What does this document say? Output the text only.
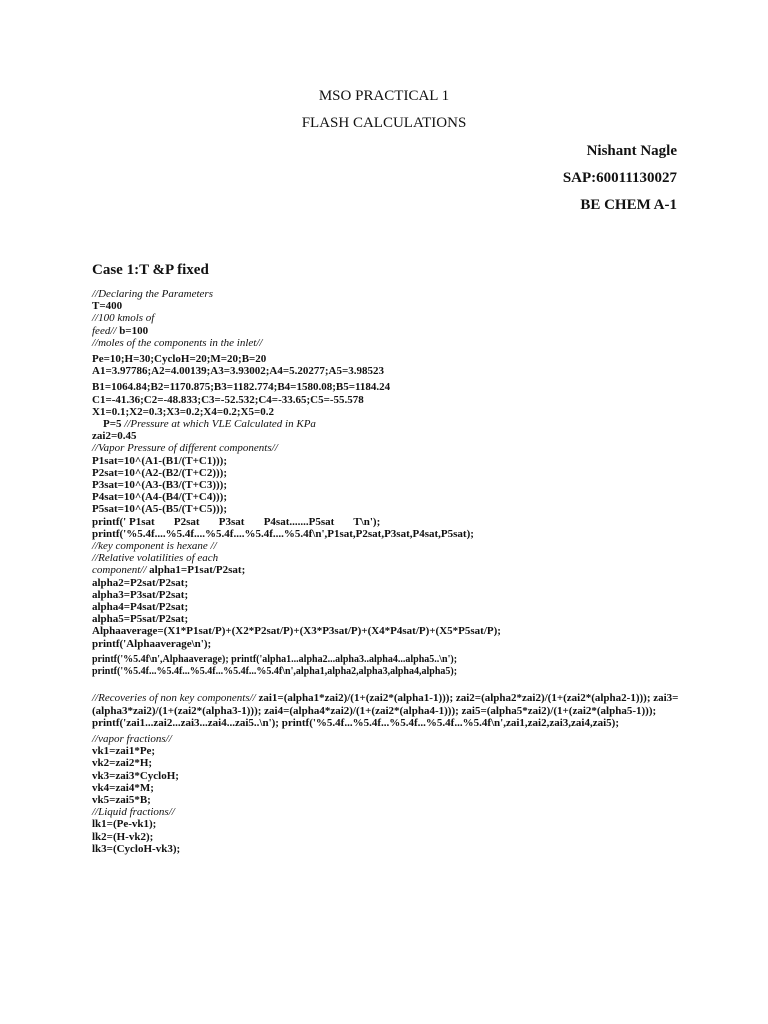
MSO PRACTICAL 1
FLASH CALCULATIONS
Nishant Nagle
SAP:60011130027
BE CHEM A-1
Case 1:T &P fixed
//Declaring the Parameters
T=400
//100 kmols of
feed// b=100
//moles of the components in the inlet//
Pe=10;H=30;CycloH=20;M=20;B=20
A1=3.97786;A2=4.00139;A3=3.93002;A4=5.20277;A5=3.98523
B1=1064.84;B2=1170.875;B3=1182.774;B4=1580.08;B5=1184.24
C1=-41.36;C2=-48.833;C3=-52.532;C4=-33.65;C5=-55.578
X1=0.1;X2=0.3;X3=0.2;X4=0.2;X5=0.2
P=5 //Pressure at which VLE Calculated in KPa
zai2=0.45
//Vapor Pressure of different components//
P1sat=10^(A1-(B1/(T+C1)));
P2sat=10^(A2-(B2/(T+C2)));
P3sat=10^(A3-(B3/(T+C3)));
P4sat=10^(A4-(B4/(T+C4)));
P5sat=10^(A5-(B5/(T+C5)));
printf(' P1sat       P2sat       P3sat       P4sat.......P5sat       T\n');
printf('%5.4f....%5.4f....%5.4f....%5.4f....%5.4f\n',P1sat,P2sat,P3sat,P4sat,P5sat);
//key component is hexane //
//Relative volatilities of each
component// alpha1=P1sat/P2sat;
alpha2=P2sat/P2sat;
alpha3=P3sat/P2sat;
alpha4=P4sat/P2sat;
alpha5=P5sat/P2sat;
Alphaaverage=(X1*P1sat/P)+(X2*P2sat/P)+(X3*P3sat/P)+(X4*P4sat/P)+(X5*P5sat/P);
printf('Alphaaverage\n');
printf('%5.4f\n',Alphaaverage); printf('alpha1...alpha2...alpha3..alpha4...alpha5..\n');
printf('%5.4f...%5.4f...%5.4f...%5.4f...%5.4f\n',alpha1,alpha2,alpha3,alpha4,alpha5);
//Recoveries of non key components// zai1=(alpha1*zai2)/(1+(zai2*(alpha1-1))); zai2=(alpha2*zai2)/(1+(zai2*(alpha2-1))); zai3=(alpha3*zai2)/(1+(zai2*(alpha3-1))); zai4=(alpha4*zai2)/(1+(zai2*(alpha4-1))); zai5=(alpha5*zai2)/(1+(zai2*(alpha5-1))); printf('zai1...zai2...zai3...zai4...zai5..\n'); printf('%5.4f...%5.4f...%5.4f...%5.4f...%5.4f\n',zai1,zai2,zai3,zai4,zai5);
//vapor fractions//
vk1=zai1*Pe;
vk2=zai2*H;
vk3=zai3*CycloH;
vk4=zai4*M;
vk5=zai5*B;
//Liquid fractions//
lk1=(Pe-vk1);
lk2=(H-vk2);
lk3=(CycloH-vk3);
